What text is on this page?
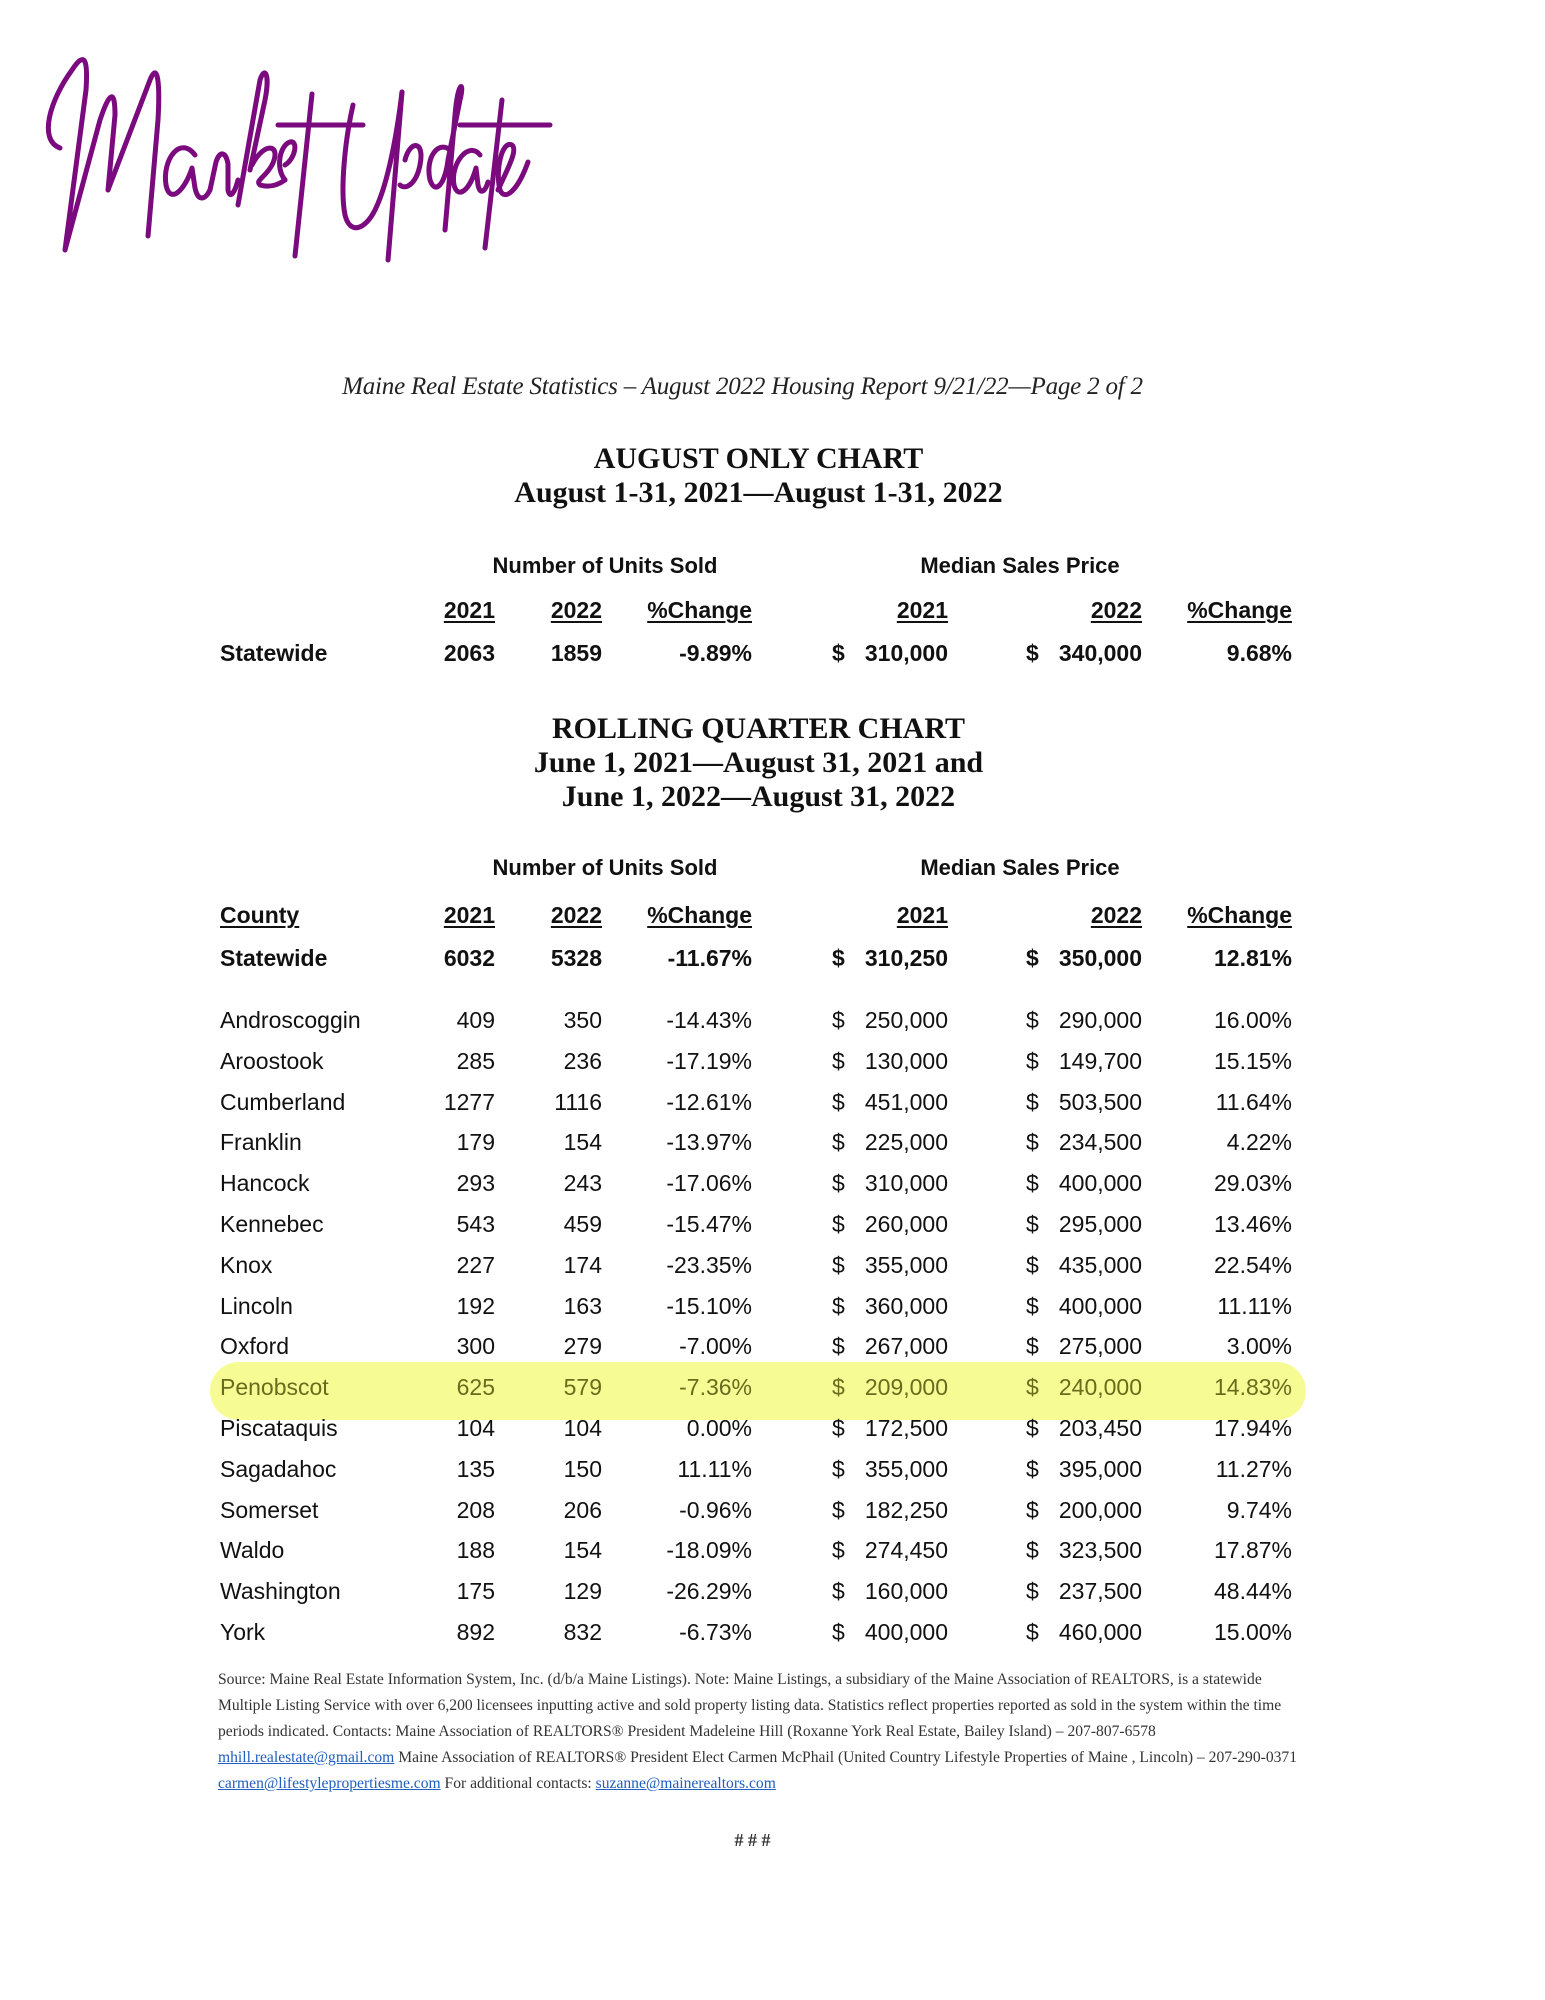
Maine Real Estate Statistics – August 2022 Housing Report 9/21/22—Page 2 of 2
AUGUST ONLY CHART
August 1-31, 2021—August 1-31, 2022
Number of Units Sold	Median Sales Price
2021	2022	%Change	2021	2022	%Change
Statewide	2063	1859	-9.89%	$ 310,000	$ 340,000	9.68%
ROLLING QUARTER CHART
June 1, 2021—August 31, 2021 and
June 1, 2022—August 31, 2022
Number of Units Sold	Median Sales Price
County	2021	2022	%Change	2021	2022	%Change
Statewide	6032	5328	-11.67%	$ 310,250	$ 350,000	12.81%
Androscoggin	409	350	-14.43%	$ 250,000	$ 290,000	16.00%
Aroostook	285	236	-17.19%	$ 130,000	$ 149,700	15.15%
Cumberland	1277	1116	-12.61%	$ 451,000	$ 503,500	11.64%
Franklin	179	154	-13.97%	$ 225,000	$ 234,500	4.22%
Hancock	293	243	-17.06%	$ 310,000	$ 400,000	29.03%
Kennebec	543	459	-15.47%	$ 260,000	$ 295,000	13.46%
Knox	227	174	-23.35%	$ 355,000	$ 435,000	22.54%
Lincoln	192	163	-15.10%	$ 360,000	$ 400,000	11.11%
Oxford	300	279	-7.00%	$ 267,000	$ 275,000	3.00%
Penobscot	625	579	-7.36%	$ 209,000	$ 240,000	14.83%
Piscataquis	104	104	0.00%	$ 172,500	$ 203,450	17.94%
Sagadahoc	135	150	11.11%	$ 355,000	$ 395,000	11.27%
Somerset	208	206	-0.96%	$ 182,250	$ 200,000	9.74%
Waldo	188	154	-18.09%	$ 274,450	$ 323,500	17.87%
Washington	175	129	-26.29%	$ 160,000	$ 237,500	48.44%
York	892	832	-6.73%	$ 400,000	$ 460,000	15.00%
Source: Maine Real Estate Information System, Inc. (d/b/a Maine Listings). Note: Maine Listings, a subsidiary of the Maine Association of REALTORS, is a statewide Multiple Listing Service with over 6,200 licensees inputting active and sold property listing data. Statistics reflect properties reported as sold in the system within the time periods indicated. Contacts: Maine Association of REALTORS® President Madeleine Hill (Roxanne York Real Estate, Bailey Island) – 207-807-6578 mhill.realestate@gmail.com Maine Association of REALTORS® President Elect Carmen McPhail (United Country Lifestyle Properties of Maine , Lincoln) – 207-290-0371 carmen@lifestylepropertiesme.com For additional contacts: suzanne@mainerealtors.com
# # #
